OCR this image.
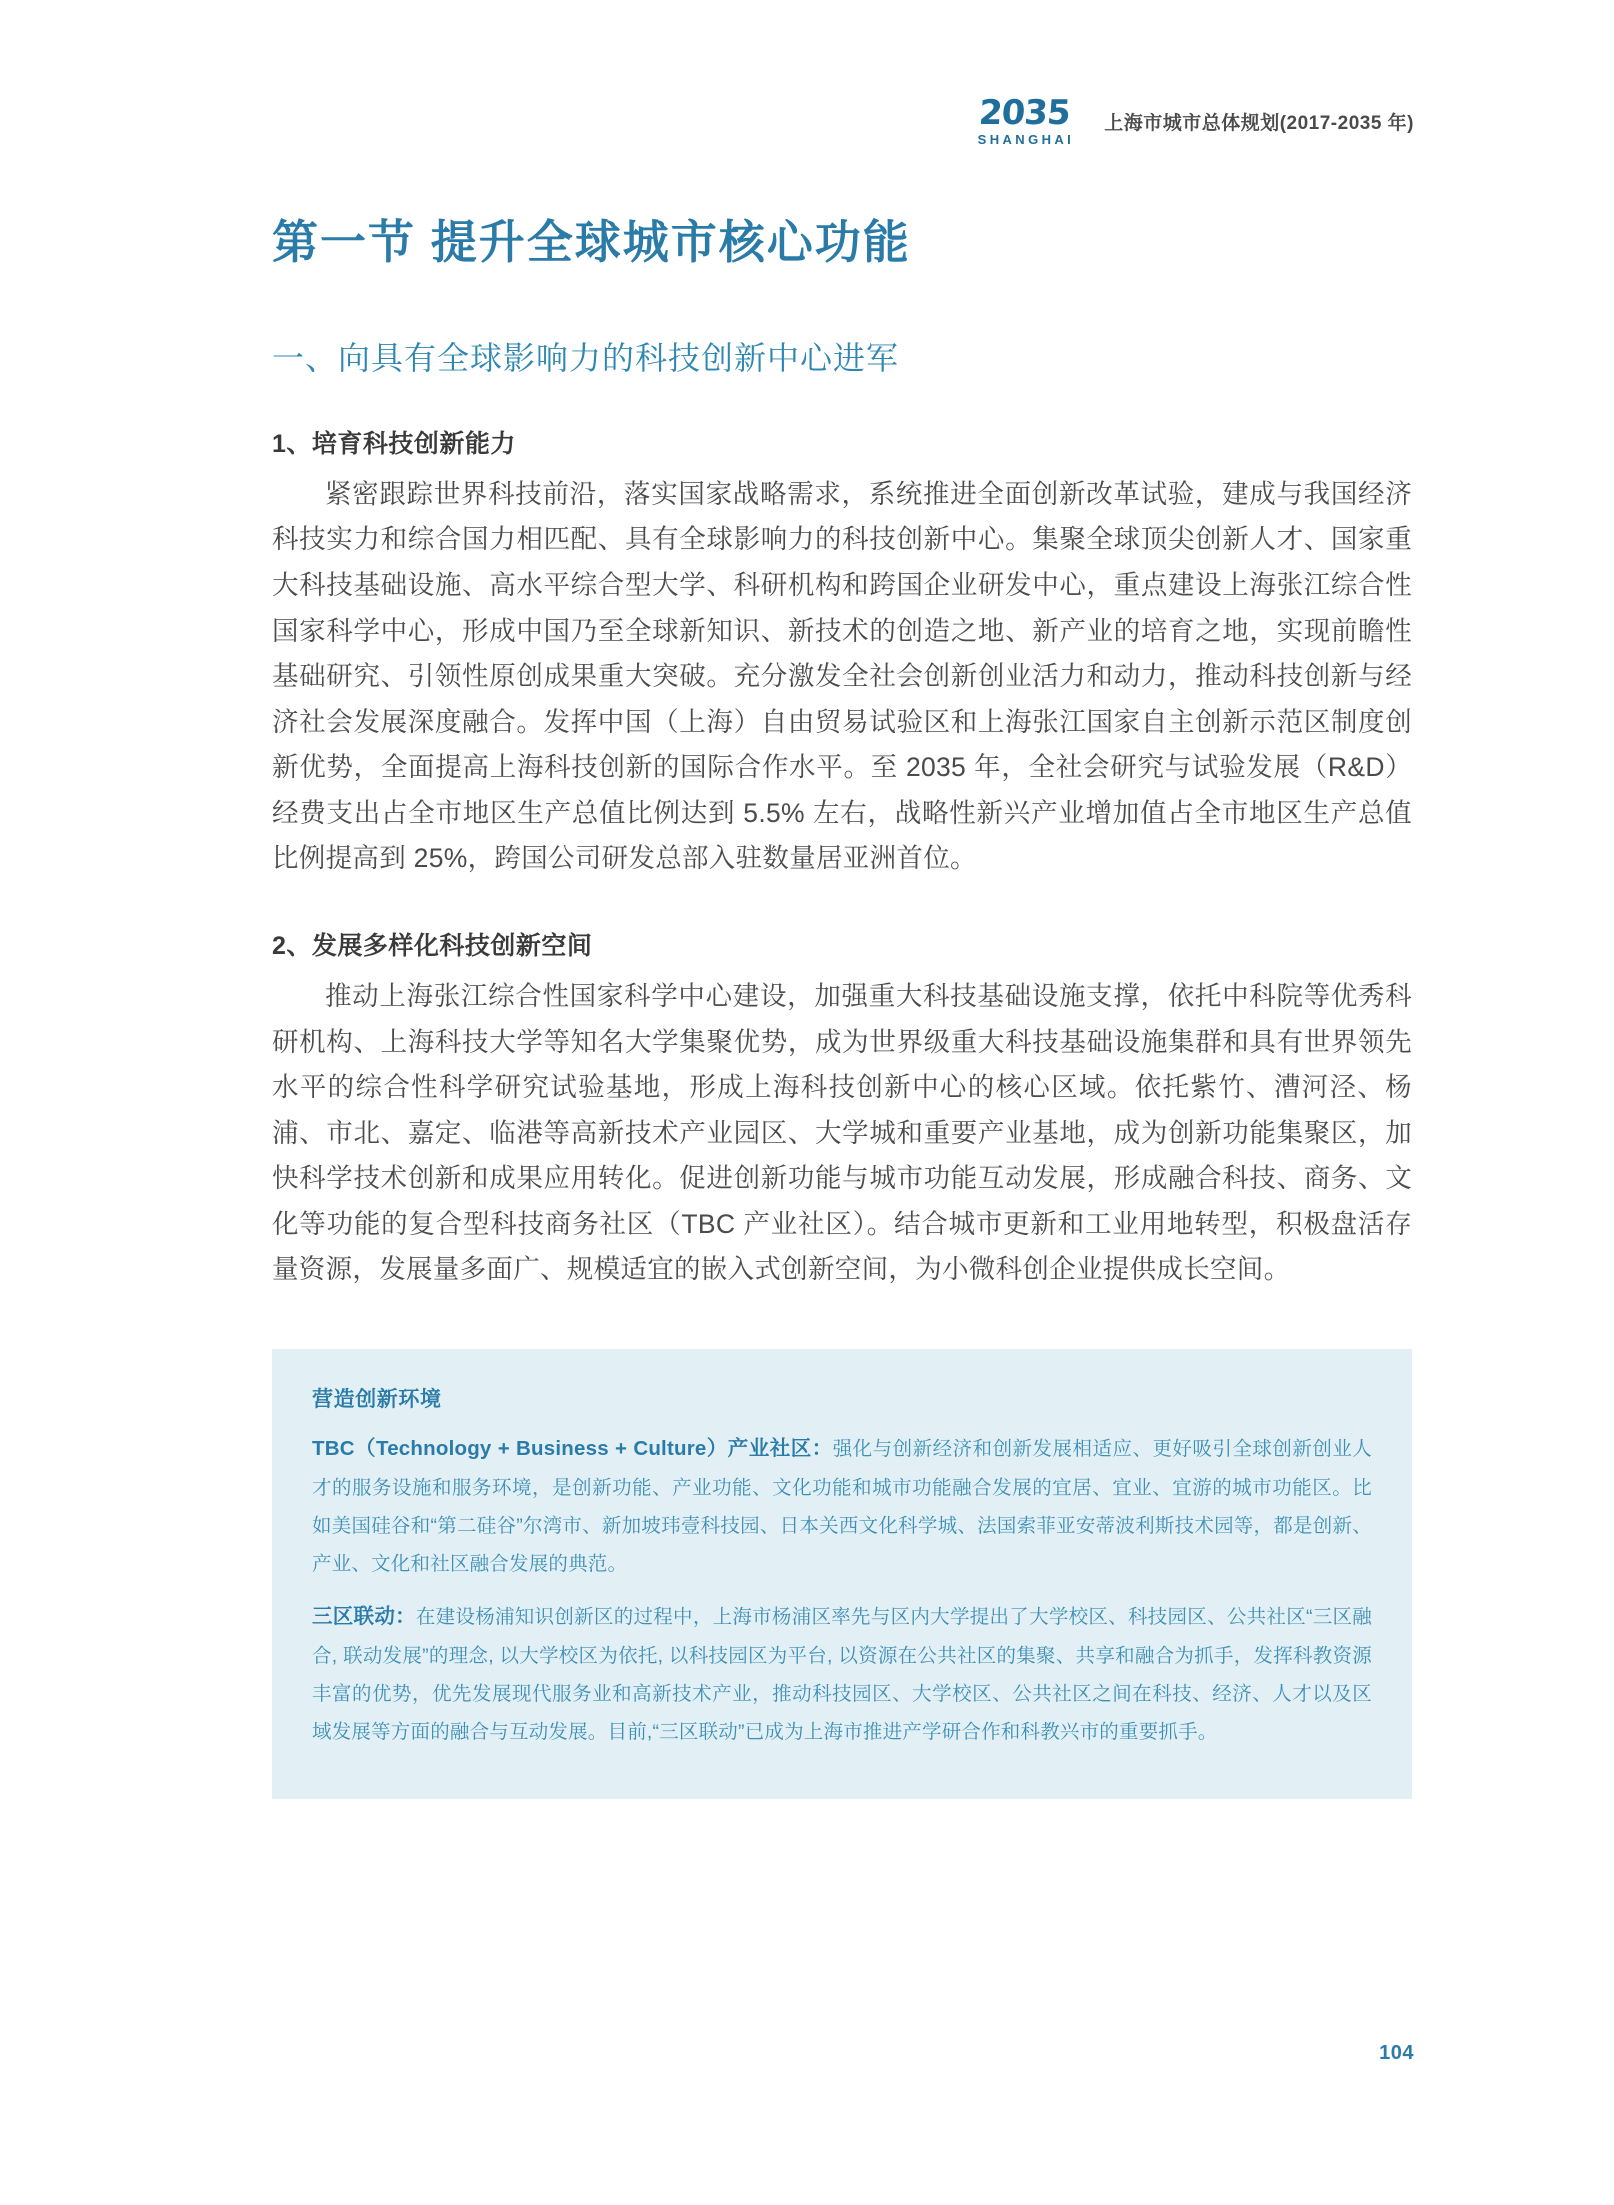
2035
SHANGHAI
上海市城市总体规划(2017-2035 年)
第一节 提升全球城市核心功能
一、向具有全球影响力的科技创新中心进军
1、培育科技创新能力

紧密跟踪世界科技前沿，落实国家战略需求，系统推进全面创新改革试验，建成与我国经济科技实力和综合国力相匹配、具有全球影响力的科技创新中心。集聚全球顶尖创新人才、国家重大科技基础设施、高水平综合型大学、科研机构和跨国企业研发中心，重点建设上海张江综合性国家科学中心，形成中国乃至全球新知识、新技术的创造之地、新产业的培育之地，实现前瞻性基础研究、引领性原创成果重大突破。充分激发全社会创新创业活力和动力，推动科技创新与经济社会发展深度融合。发挥中国（上海）自由贸易试验区和上海张江国家自主创新示范区制度创新优势，全面提高上海科技创新的国际合作水平。至 2035 年，全社会研究与试验发展（R&D）经费支出占全市地区生产总值比例达到 5.5% 左右，战略性新兴产业增加值占全市地区生产总值比例提高到 25%，跨国公司研发总部入驻数量居亚洲首位。

2、发展多样化科技创新空间

推动上海张江综合性国家科学中心建设，加强重大科技基础设施支撑，依托中科院等优秀科研机构、上海科技大学等知名大学集聚优势，成为世界级重大科技基础设施集群和具有世界领先水平的综合性科学研究试验基地，形成上海科技创新中心的核心区域。依托紫竹、漕河泾、杨浦、市北、嘉定、临港等高新技术产业园区、大学城和重要产业基地，成为创新功能集聚区，加快科学技术创新和成果应用转化。促进创新功能与城市功能互动发展，形成融合科技、商务、文化等功能的复合型科技商务社区（TBC 产业社区）。结合城市更新和工业用地转型，积极盘活存量资源，发展量多面广、规模适宜的嵌入式创新空间，为小微科创企业提供成长空间。

营造创新环境

TBC（Technology + Business + Culture）产业社区：强化与创新经济和创新发展相适应、更好吸引全球创新创业人才的服务设施和服务环境，是创新功能、产业功能、文化功能和城市功能融合发展的宜居、宜业、宜游的城市功能区。比如美国硅谷和“第二硅谷”尔湾市、新加坡玮壹科技园、日本关西文化科学城、法国索菲亚安蒂波利斯技术园等，都是创新、产业、文化和社区融合发展的典范。

三区联动：在建设杨浦知识创新区的过程中，上海市杨浦区率先与区内大学提出了大学校区、科技园区、公共社区“三区融合, 联动发展”的理念, 以大学校区为依托, 以科技园区为平台, 以资源在公共社区的集聚、共享和融合为抓手，发挥科教资源丰富的优势，优先发展现代服务业和高新技术产业，推动科技园区、大学校区、公共社区之间在科技、经济、人才以及区域发展等方面的融合与互动发展。目前,“三区联动”已成为上海市推进产学研合作和科教兴市的重要抓手。

104
